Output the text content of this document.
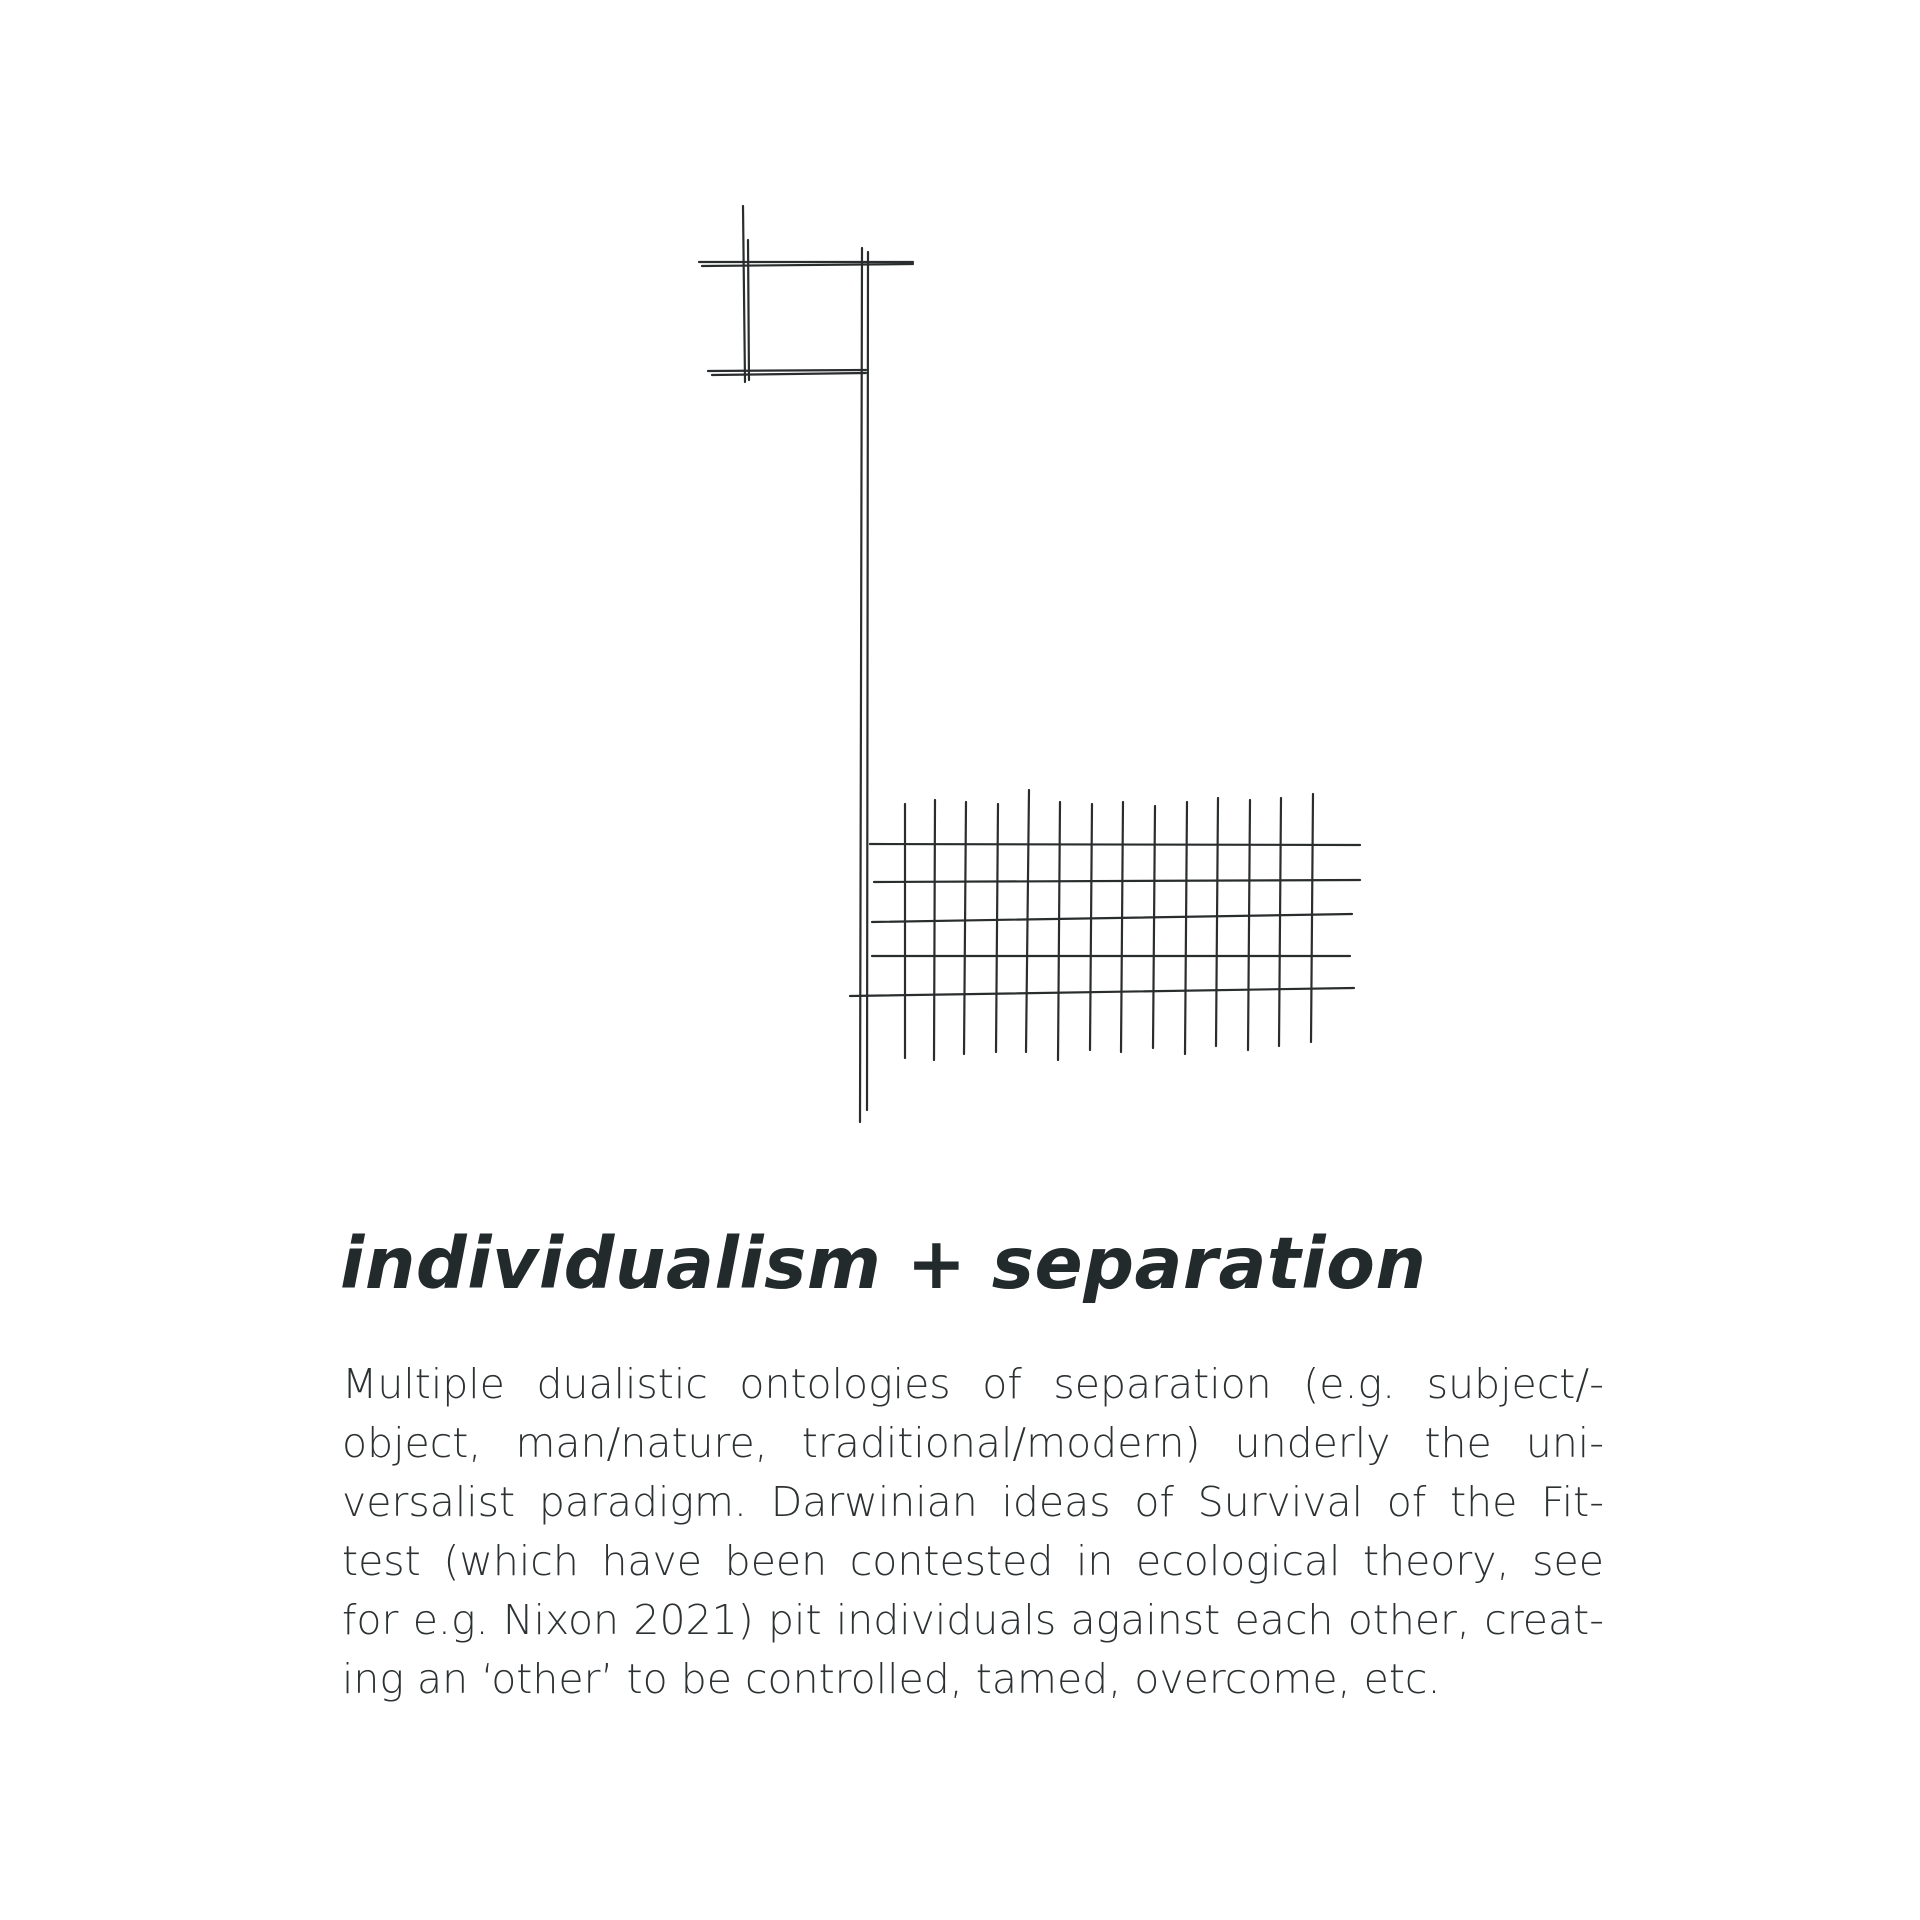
individualism + separation
Multiple dualistic ontologies of separation (e.g. subject/-
object, man/nature, traditional/modern) underly the uni-
versalist paradigm. Darwinian ideas of Survival of the Fit-
test (which have been contested in ecological theory, see
for e.g. Nixon 2021) pit individuals against each other, creat-
ing an ‘other’ to be controlled, tamed, overcome, etc.
